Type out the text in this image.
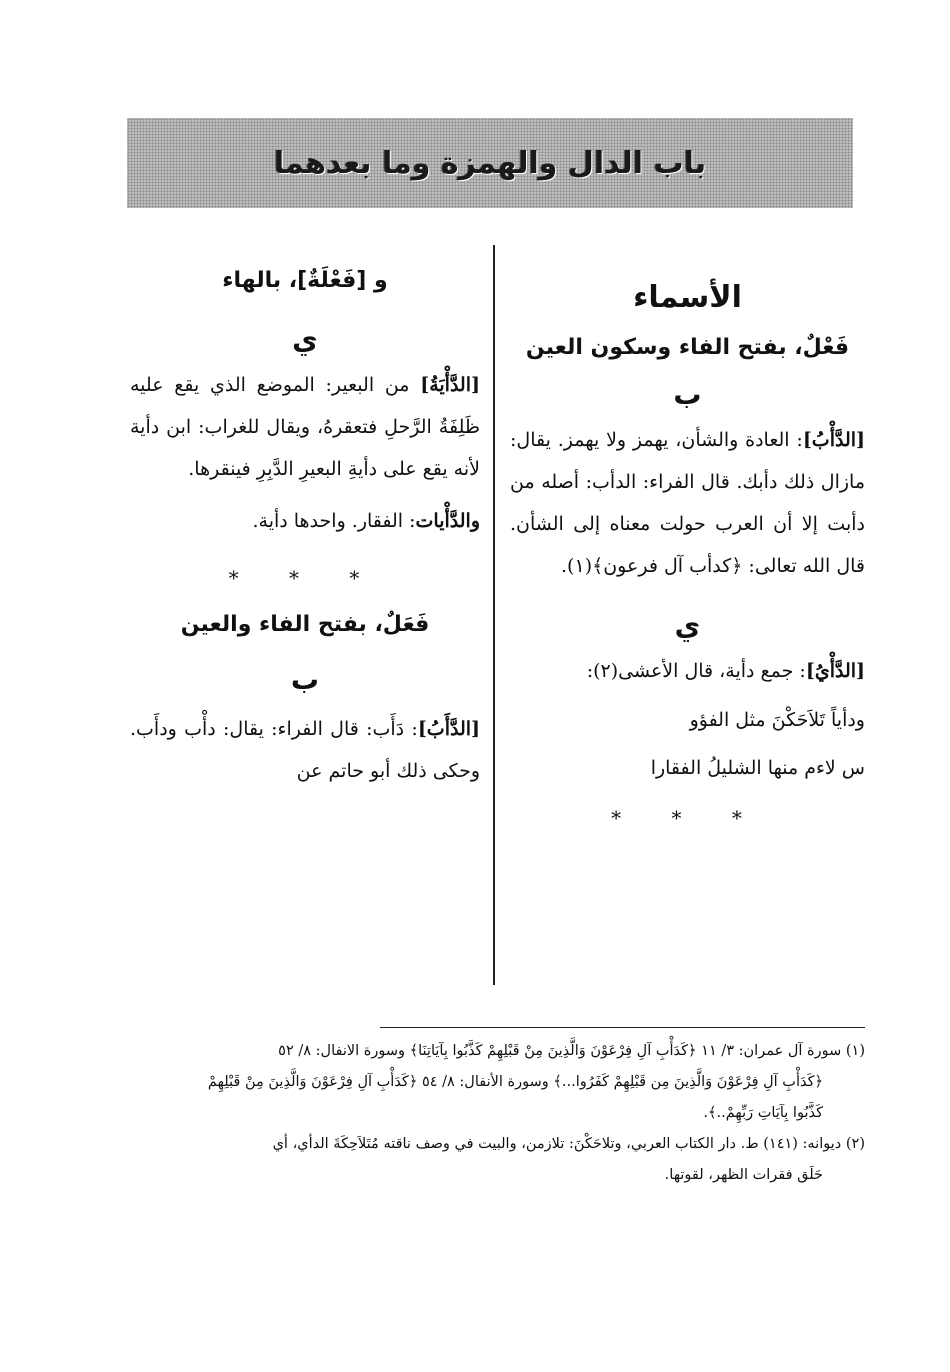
باب الدال والهمزة وما بعدهما
الأسماء
فَعْلٌ، بفتح الفاء وسكون العين
ب

[الدَّأْبُ]: العادة والشأن، يهمز ولا يهمز. يقال: مازال ذلك دأبك. قال الفراء: الدأب: أصله من دأبت إلا أن العرب حولت معناه إلى الشأن. قال الله تعالى: ﴿كدأب آل فرعون﴾(١).

ي

[الدَّأْيُ]: جمع دأية، قال الأعشى(٢):

ودأياً تَلاَحَكْنَ مثل الفؤو

س لاءم منها الشليلُ الفقارا

* * *
و [فَعْلَةٌ]، بالهاء
ي

[الدَّأْيَةُ] من البعير: الموضع الذي يقع عليه ظَلِفَةُ الرَّحلِ فتعقرهُ، ويقال للغراب: ابن دأية لأنه يقع على دأيةِ البعيرِ الدَّبِرِ فينقرها.

والدَّأْيات: الفقار. واحدها دأية.

* * *
فَعَلٌ، بفتح الفاء والعين
ب

[الدَّأَبُ]: دَأَب: قال الفراء: يقال: دأْب ودأَب. وحكى ذلك أبو حاتم عن

(١) سورة آل عمران: ٣/ ١١ ﴿كَدَأْبِ آلِ فِرْعَوْنَ وَالَّذِينَ مِنْ قَبْلِهِمْ كَذَّبُوا بِآيَاتِنَا﴾ وسورة الانفال: ٨/ ٥٢

﴿كَدَأْبِ آلِ فِرْعَوْنَ وَالَّذِينَ مِن قَبْلِهِمْ كَفَرُوا...﴾ وسورة الأنفال: ٨/ ٥٤ ﴿كَدَأْبِ آلِ فِرْعَوْنَ وَالَّذِينَ مِنْ قَبْلِهِمْ

كَذَّبُوا بِآيَاتِ رَبِّهِمْ..﴾.

(٢) ديوانه: (١٤١) ط. دار الكتاب العربي، وتلاحَكْنَ: تلازمن، والبيت في وصف ناقته مُتَلاَحِكَةَ الدأي، أي

حَلَق فقرات الظهر، لقوتها.
